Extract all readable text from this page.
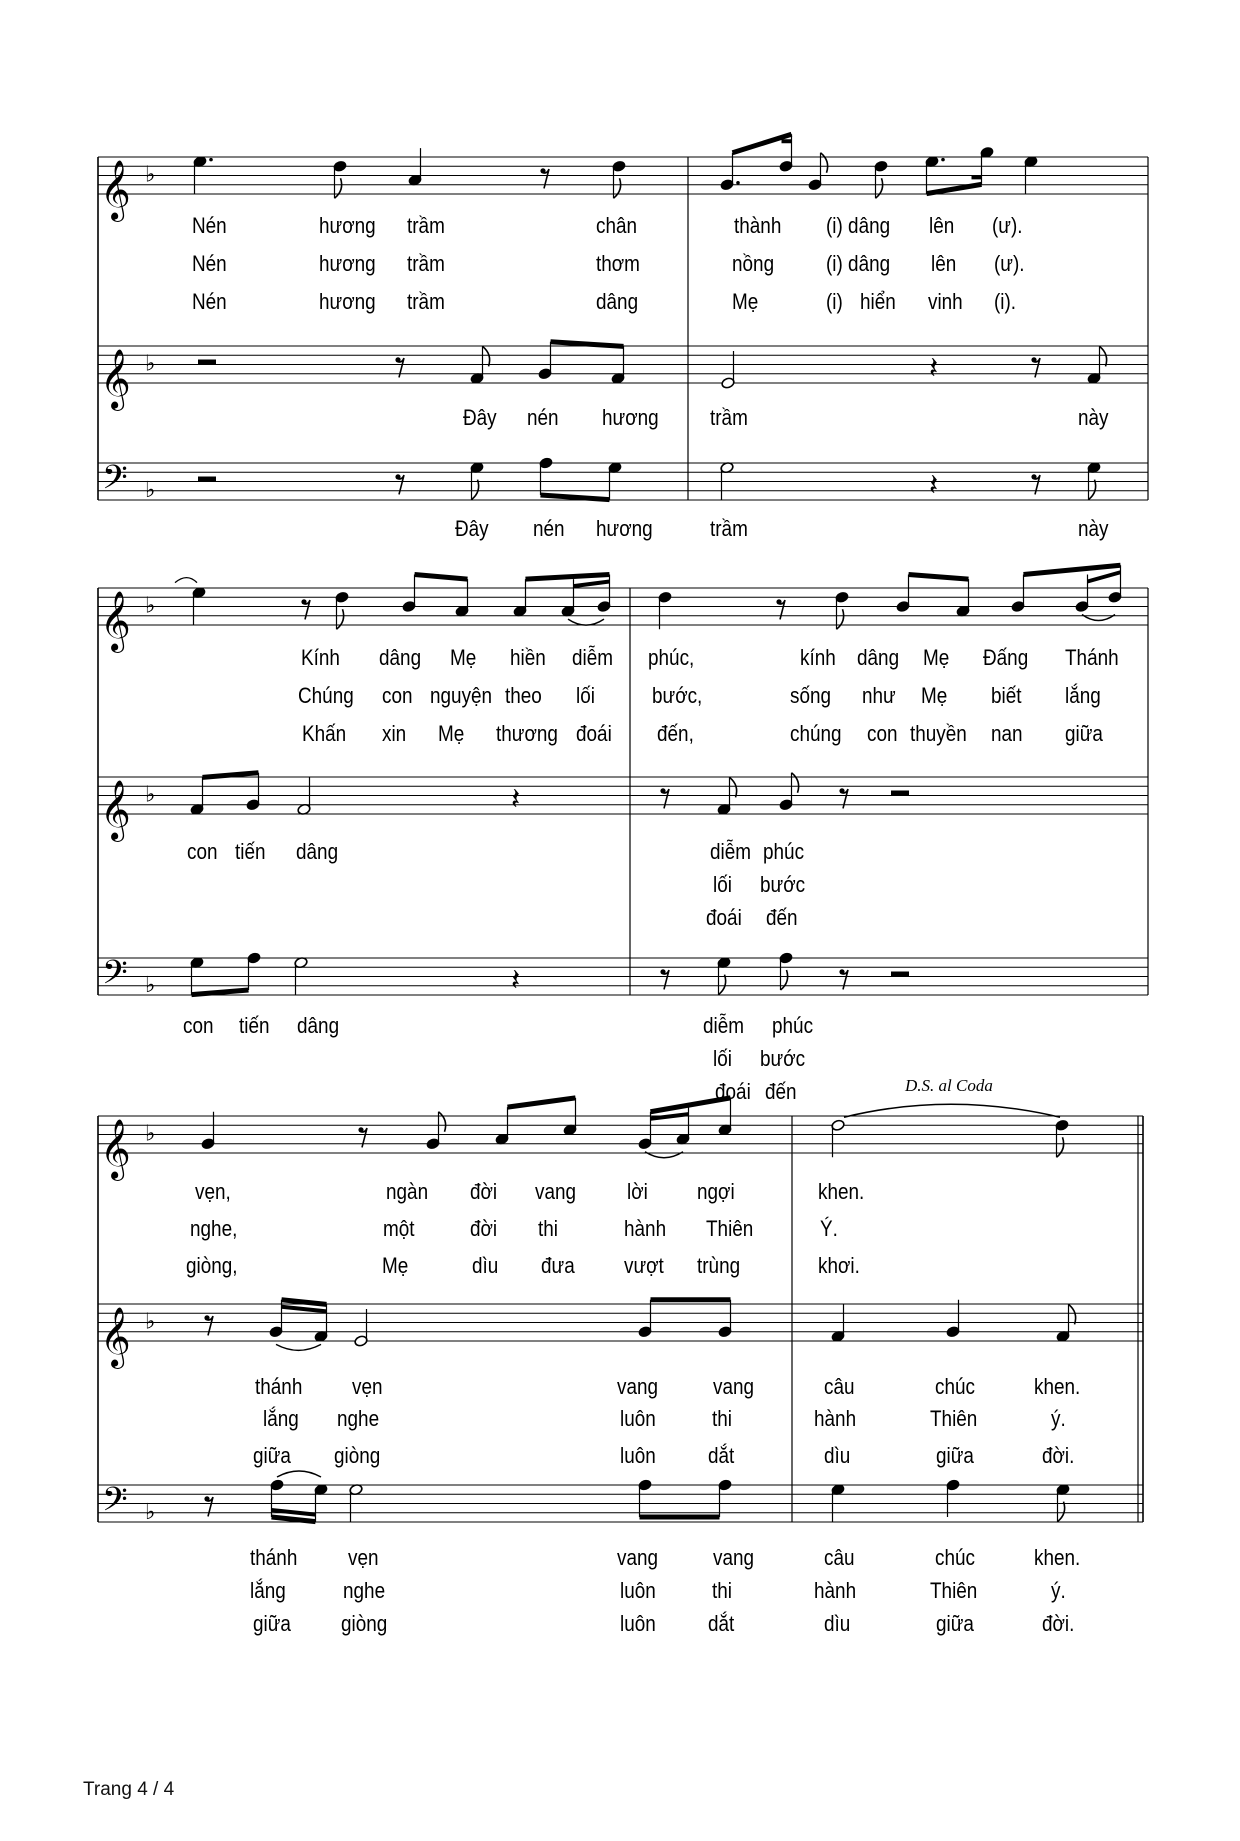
𝄞 ♭
𝄞 ♭
𝄢 ♭
𝄽
𝄽
𝄞 ♭
𝄞 ♭
𝄢 ♭
𝄽
𝄽
𝄞 ♭
𝄞 ♭
𝄢 ♭
Nén	hương trầm	chân	thành (i) dâng lên (ư).
Nén	hương trầm	thơm	nồng (i) dâng lên (ư).
Nén	hương trầm	dâng	Mẹ	(i) hiển vinh (i).
Đây nén hương trầm	này
Đây nén hương	trầm	này
Kính dâng Mẹ hiền diễm phúc,	kính dâng Mẹ Đấng Thánh
Chúng con nguyện theo lối	bước,	sống như Mẹ biết lắng
Khấn xin Mẹ thương đoái đến,	chúng con thuyền nan giữa
con tiến dâng	diễm phúc
lối bước
đoái đến
con tiến dâng	diễm phúc
lối bước
đoái đến
vẹn,	ngàn đời vang lời ngợi	khen.
nghe,	một	đời thi	hành Thiên	Ý.
giòng,	Mẹ	dìu đưa vượt trùng	khơi.
thánh vẹn	vang vang	câu	chúc	khen.
lắng nghe	luôn	thi	hành	Thiên	ý.
giữa giòng	luôn dắt	dìu	giữa	đời.
thánh vẹn	vang vang	câu	chúc	khen.
lắng	nghe	luôn	thi	hành	Thiên	ý.
giữa giòng	luôn dắt	dìu	giữa	đời.
D.S. al Coda
Trang 4 / 4
